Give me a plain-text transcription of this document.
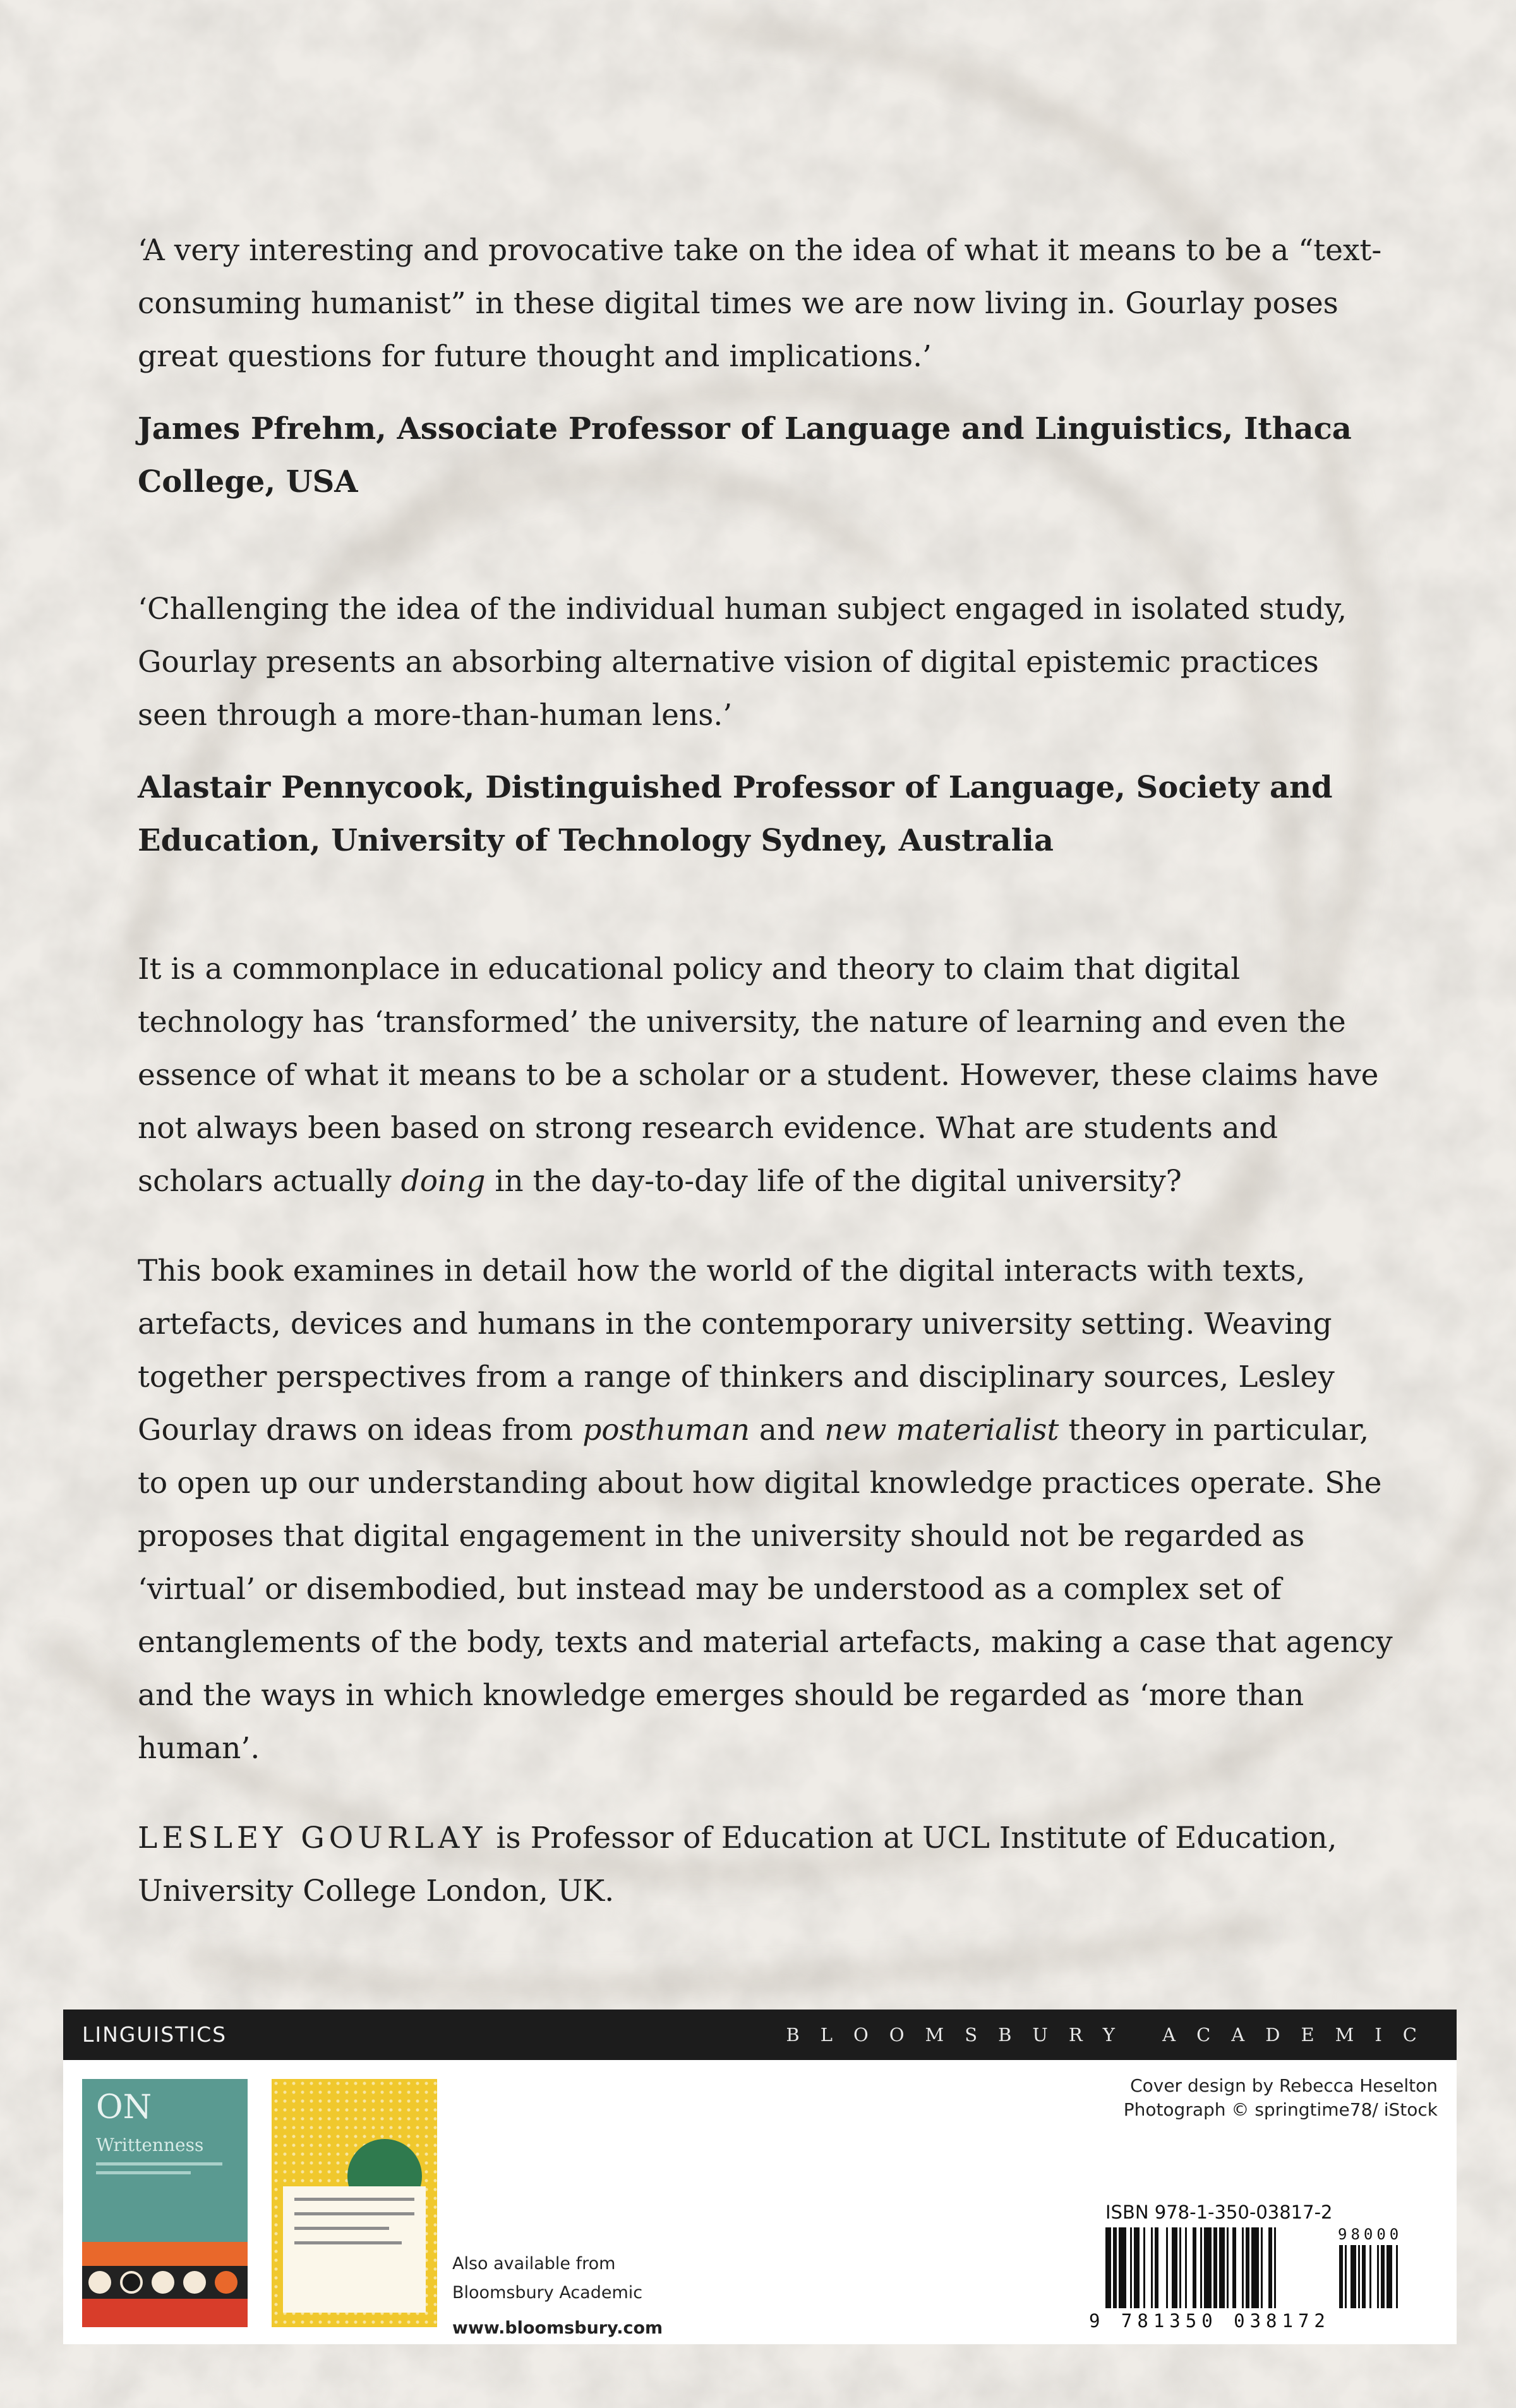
‘A very interesting and provocative take on the idea of what it means to be a “text-consuming humanist” in these digital times we are now living in. Gourlay poses great questions for future thought and implications.’

James Pfrehm, Associate Professor of Language and Linguistics, Ithaca College, USA

‘Challenging the idea of the individual human subject engaged in isolated study, Gourlay presents an absorbing alternative vision of digital epistemic practices seen through a more-than-human lens.’

Alastair Pennycook, Distinguished Professor of Language, Society and Education, University of Technology Sydney, Australia

It is a commonplace in educational policy and theory to claim that digital technology has ‘transformed’ the university, the nature of learning and even the essence of what it means to be a scholar or a student. However, these claims have not always been based on strong research evidence. What are students and scholars actually doing in the day-to-day life of the digital university?

This book examines in detail how the world of the digital interacts with texts, artefacts, devices and humans in the contemporary university setting. Weaving together perspectives from a range of thinkers and disciplinary sources, Lesley Gourlay draws on ideas from posthuman and new materialist theory in particular, to open up our understanding about how digital knowledge practices operate. She proposes that digital engagement in the university should not be regarded as ‘virtual’ or disembodied, but instead may be understood as a complex set of entanglements of the body, texts and material artefacts, making a case that agency and the ways in which knowledge emerges should be regarded as ‘more than human’.

LESLEY GOURLAY is Professor of Education at UCL Institute of Education, University College London, UK.

LINGUISTICS	BLOOMSBURY ACADEMIC
ON
Writtenness
Also available from
Bloomsbury Academic
www.bloomsbury.com
Cover design by Rebecca Heselton
Photograph © springtime78/ iStock
ISBN 978-1-350-03817-2
98000
9 781350 038172
